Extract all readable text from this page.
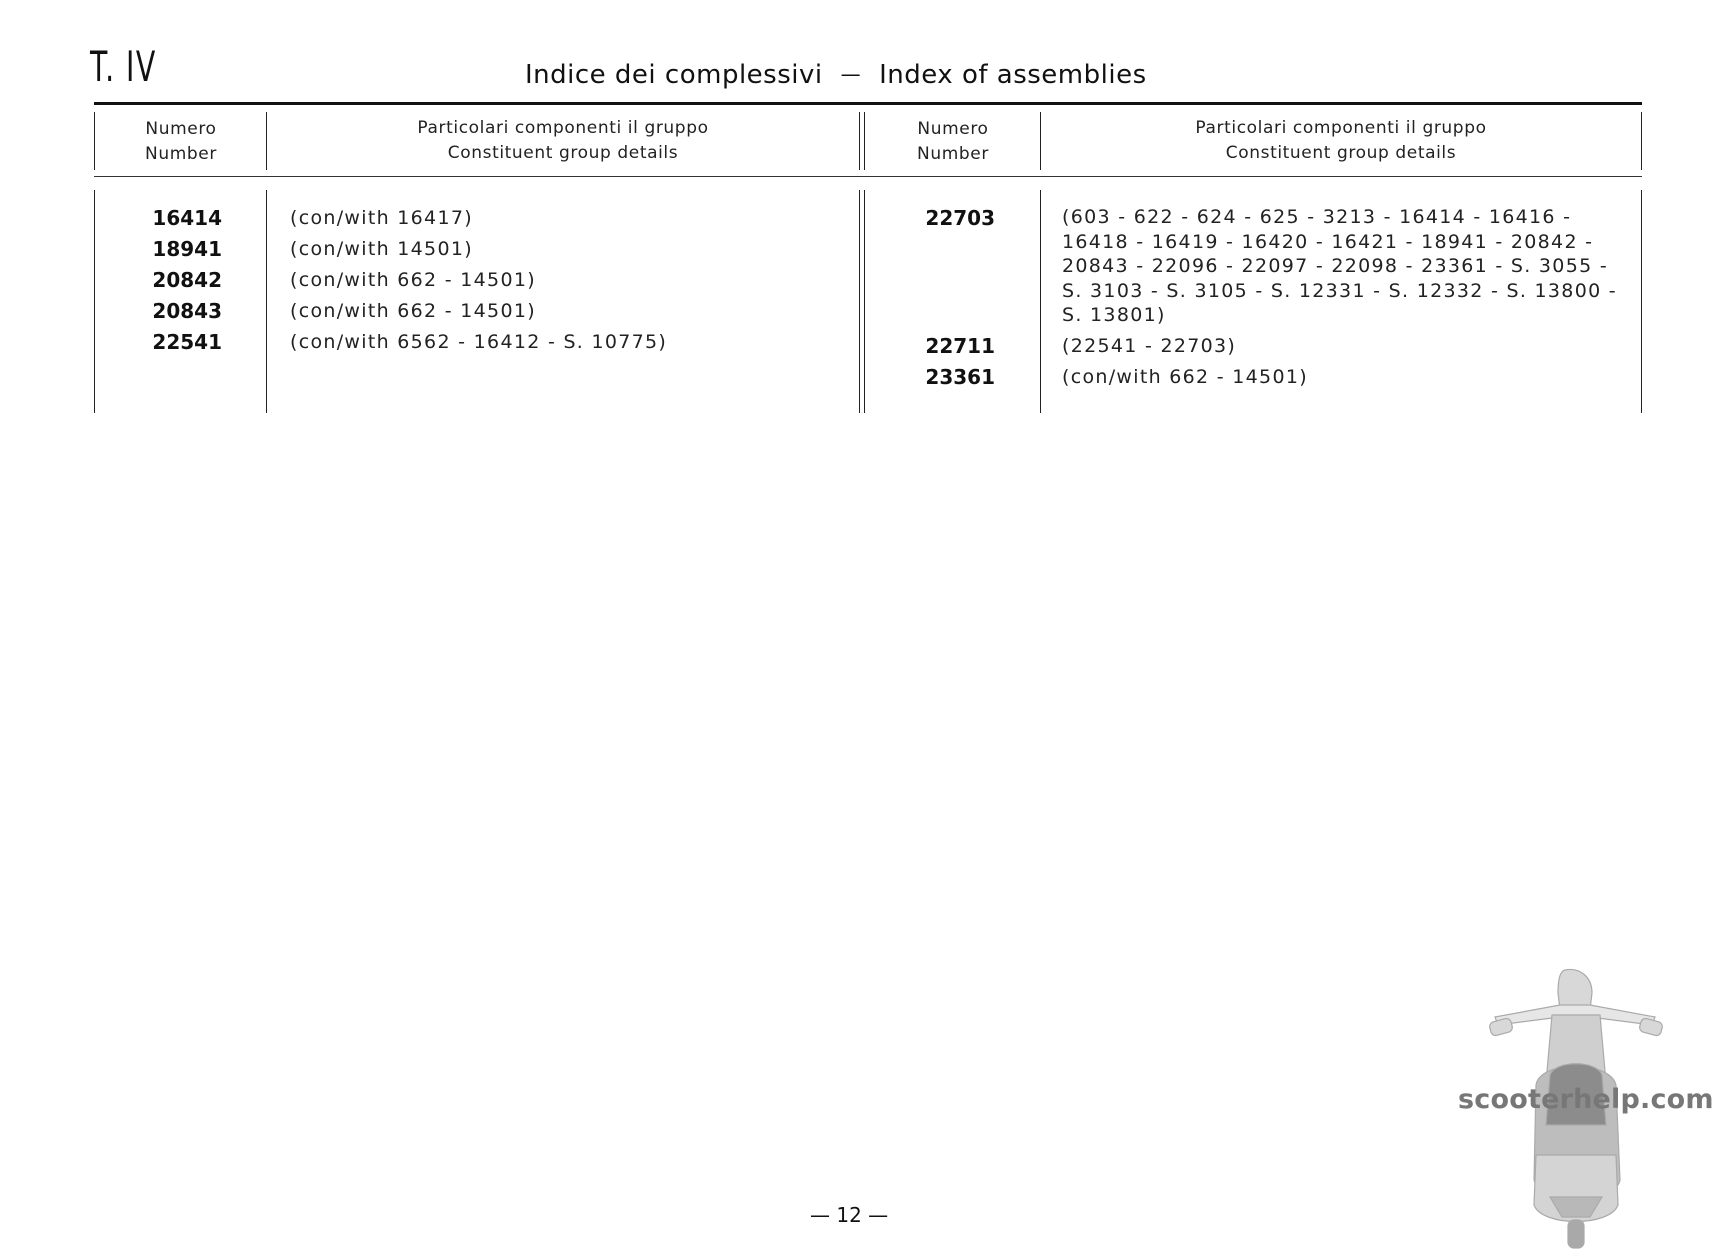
T. IV	Indice dei complessivi — Index of assemblies
Numero
Number
Particolari componenti il gruppo
Constituent group details
Numero
Number
Particolari componenti il gruppo
Constituent group details
16414	(con/with 16417)
18941	(con/with 14501)
20842	(con/with 662 - 14501)
20843	(con/with 662 - 14501)
22541	(con/with 6562 - 16412 - S. 10775)
22703	(603 - 622 - 624 - 625 - 3213 - 16414 - 16416 - 16418 - 16419 - 16420 - 16421 - 18941 - 20842 - 20843 - 22096 - 22097 - 22098 - 23361 - S. 3055 - S. 3103 - S. 3105 - S. 12331 - S. 12332 - S. 13800 - S. 13801)
22711	(22541 - 22703)
23361	(con/with 662 - 14501)
— 12 —
scooterhelp.com
